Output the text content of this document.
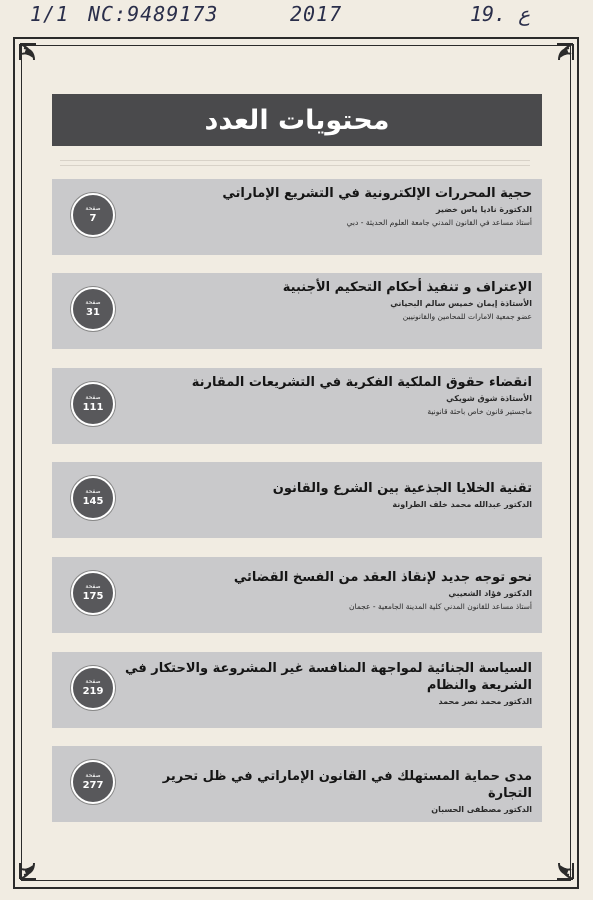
1/1 NC:9489173	2017	19. ع
محتويات العدد
صفحة
7
حجية المحررات الإلكترونية في التشريع الإماراتي
الدكتورة ناديا ياس خضير
أستاذ مساعد في القانون المدني جامعة العلوم الحديثة - دبي
صفحة
31
الإعتراف و تنفيذ أحكام التحكيم الأجنبية
الأستاذة إيمان خميس سالم البحياني
عضو جمعية الامارات للمحامين والقانونيين
صفحة
111
انقضاء حقوق الملكية الفكرية في التشريعات المقارنة
الأستاذة شوق شويكي
ماجستير قانون خاص باحثة قانونية
صفحة
145
تقنية الخلايا الجذعية بين الشرع والقانون
الدكتور عبدالله محمد خلف الطراونة
صفحة
175
نحو توجه جديد لإنقاذ العقد من الفسخ القضائي
الدكتور فؤاد الشعيبي
أستاذ مساعد للقانون المدني كلية المدينة الجامعية - عجمان
صفحة
219
السياسة الجنائية لمواجهة المنافسة غير المشروعة والاحتكار في الشريعة والنظام
الدكتور محمد نصر محمد
صفحة
277
مدى حماية المستهلك في القانون الإماراتي في ظل تحرير التجارة
الدكتور مصطفى الحسبان
